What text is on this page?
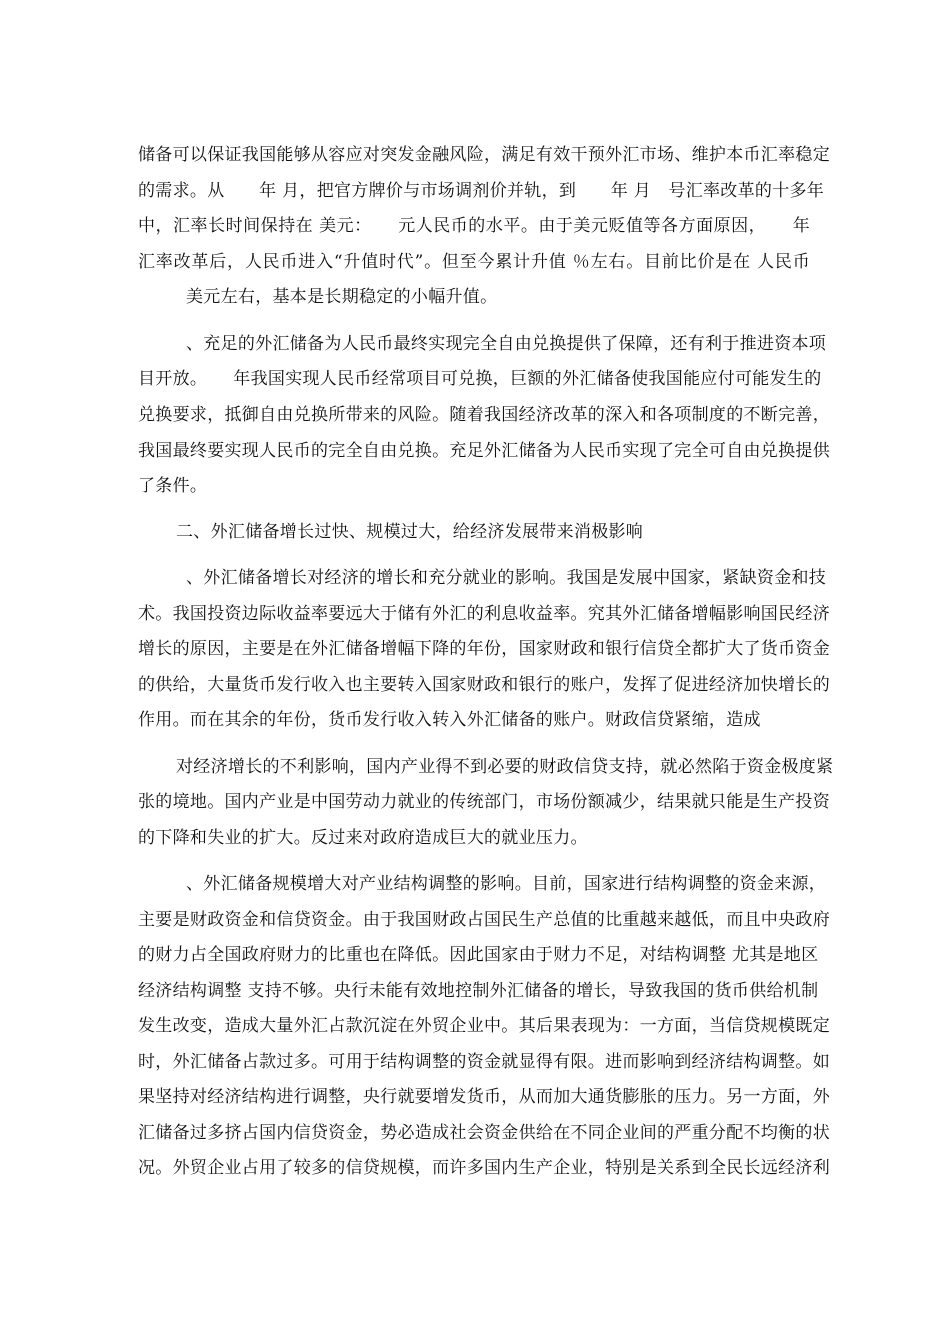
储备可以保证我国能够从容应对突发金融风险，满足有效干预外汇市场、维护本币汇率稳定
的需求。从　　年 月，把官方牌价与市场调剂价并轨，到　　年 月　号汇率改革的十多年
中，汇率长时间保持在 美元：　　元人民币的水平。由于美元贬值等各方面原因，　　年
汇率改革后，人民币进入“升值时代”。但至今累计升值 ％左右。目前比价是在 人民币
美元左右，基本是长期稳定的小幅升值。
、充足的外汇储备为人民币最终实现完全自由兑换提供了保障，还有利于推进资本项
目开放。　　年我国实现人民币经常项目可兑换，巨额的外汇储备使我国能应付可能发生的
兑换要求，抵御自由兑换所带来的风险。随着我国经济改革的深入和各项制度的不断完善，
我国最终要实现人民币的完全自由兑换。充足外汇储备为人民币实现了完全可自由兑换提供
了条件。
二、外汇储备增长过快、规模过大，给经济发展带来消极影响
、外汇储备增长对经济的增长和充分就业的影响。我国是发展中国家，紧缺资金和技
术。我国投资边际收益率要远大于储有外汇的利息收益率。究其外汇储备增幅影响国民经济
增长的原因，主要是在外汇储备增幅下降的年份，国家财政和银行信贷全都扩大了货币资金
的供给，大量货币发行收入也主要转入国家财政和银行的账户，发挥了促进经济加快增长的
作用。而在其余的年份，货币发行收入转入外汇储备的账户。财政信贷紧缩，造成
对经济增长的不利影响，国内产业得不到必要的财政信贷支持，就必然陷于资金极度紧
张的境地。国内产业是中国劳动力就业的传统部门，市场份额减少，结果就只能是生产投资
的下降和失业的扩大。反过来对政府造成巨大的就业压力。
、外汇储备规模增大对产业结构调整的影响。目前，国家进行结构调整的资金来源，
主要是财政资金和信贷资金。由于我国财政占国民生产总值的比重越来越低，而且中央政府
的财力占全国政府财力的比重也在降低。因此国家由于财力不足，对结构调整 尤其是地区
经济结构调整 支持不够。央行未能有效地控制外汇储备的增长，导致我国的货币供给机制
发生改变，造成大量外汇占款沉淀在外贸企业中。其后果表现为：一方面，当信贷规模既定
时，外汇储备占款过多。可用于结构调整的资金就显得有限。进而影响到经济结构调整。如
果坚持对经济结构进行调整，央行就要增发货币，从而加大通货膨胀的压力。另一方面，外
汇储备过多挤占国内信贷资金，势必造成社会资金供给在不同企业间的严重分配不均衡的状
况。外贸企业占用了较多的信贷规模，而许多国内生产企业，特别是关系到全民长远经济利
